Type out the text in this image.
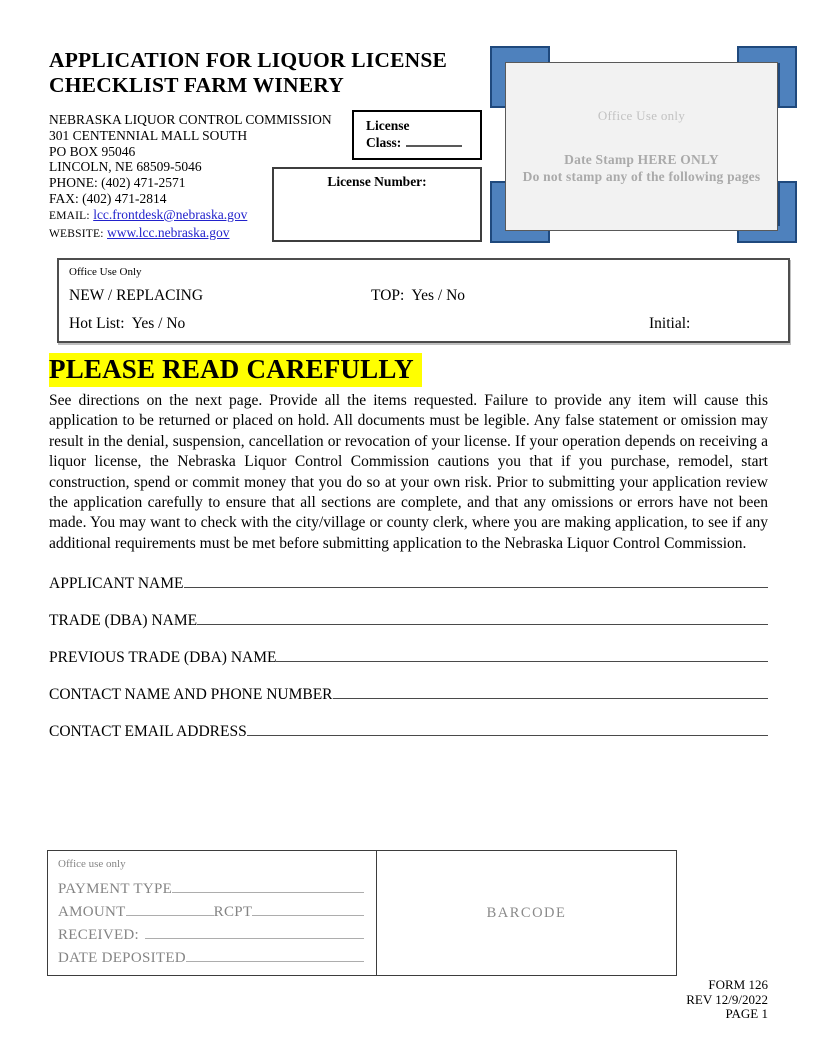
APPLICATION FOR LIQUOR LICENSE
CHECKLIST FARM WINERY
NEBRASKA LIQUOR CONTROL COMMISSION
301 CENTENNIAL MALL SOUTH
PO BOX 95046
LINCOLN, NE 68509-5046
PHONE: (402) 471-2571
FAX: (402) 471-2814
EMAIL: lcc.frontdesk@nebraska.gov
WEBSITE: www.lcc.nebraska.gov
License
Class:
License Number:
Office Use only
Date Stamp HERE ONLY
Do not stamp any of the following pages
Office Use Only
NEW / REPLACING	TOP:  Yes / No
Hot List:  Yes / No	Initial:
PLEASE READ CAREFULLY
See directions on the next page. Provide all the items requested. Failure to provide any item will cause this application to be returned or placed on hold. All documents must be legible. Any false statement or omission may result in the denial, suspension, cancellation or revocation of your license. If your operation depends on receiving a liquor license, the Nebraska Liquor Control Commission cautions you that if you purchase, remodel, start construction, spend or commit money that you do so at your own risk. Prior to submitting your application review the application carefully to ensure that all sections are complete, and that any omissions or errors have not been made. You may want to check with the city/village or county clerk, where you are making application, to see if any additional requirements must be met before submitting application to the Nebraska Liquor Control Commission.
APPLICANT NAME
TRADE (DBA) NAME
PREVIOUS TRADE (DBA) NAME
CONTACT NAME AND PHONE NUMBER
CONTACT EMAIL ADDRESS
Office use only
PAYMENT TYPE
AMOUNT	RCPT
RECEIVED:
DATE DEPOSITED
BARCODE
FORM 126
REV 12/9/2022
PAGE 1
